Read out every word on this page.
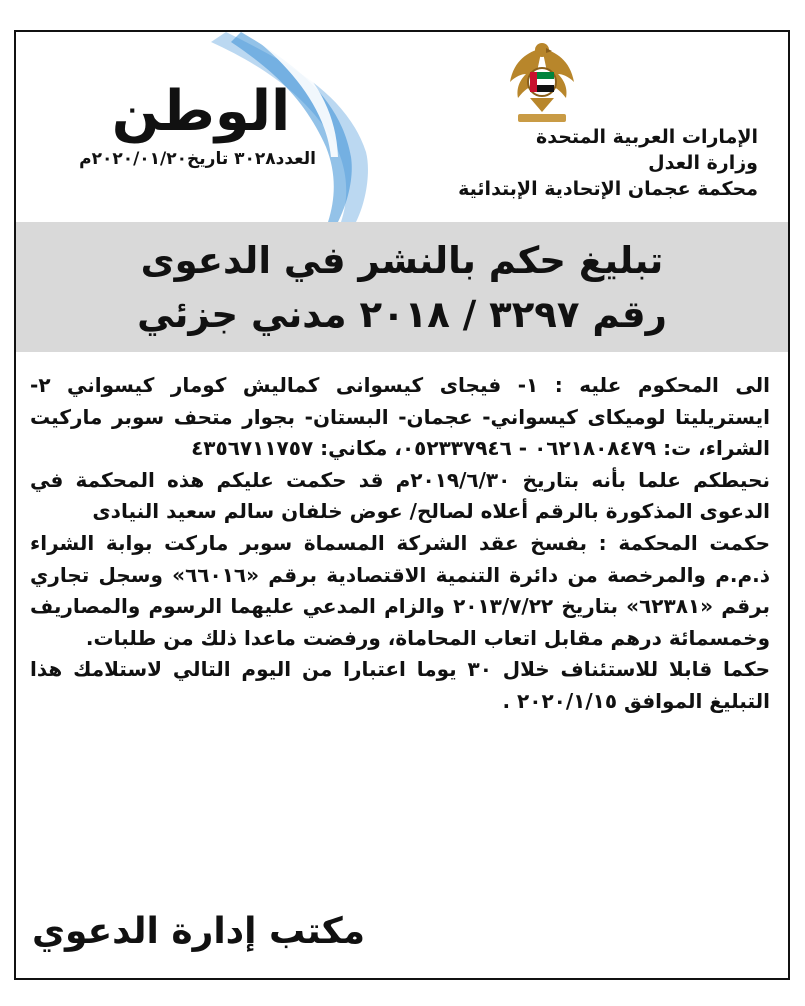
الإمارات العربية المتحدة
وزارة العدل
محكمة عجمان الإتحادية الإبتدائية
الوطن
العدد٣٠٢٨ تاريخ٢٠٢٠/٠١/٢٠م
تبليغ حكم بالنشر في الدعوى
رقم ٣٢٩٧ / ٢٠١٨ مدني جزئي

الى المحكوم عليه : ١- فيجاى كيسوانى كماليش كومار كيسواني ٢- ايستريليتا لوميكاى كيسواني- عجمان- البستان- بجوار متحف سوبر ماركيت الشراء، ت: ٠٦٢١٨٠٨٤٧٩ - ٠٥٢٣٣٧٩٤٦، مكاني: ٤٣٥٦٧١١٧٥٧

نحيطكم علما بأنه بتاريخ ٢٠١٩/٦/٣٠م قد حكمت عليكم هذه المحكمة في الدعوى المذكورة بالرقم أعلاه لصالح/ عوض خلفان سالم سعيد النيادى

حكمت المحكمة : بفسخ عقد الشركة المسماة سوبر ماركت بوابة الشراء ذ.م.م والمرخصة من دائرة التنمية الاقتصادية برقم «٦٦٠١٦» وسجل تجاري برقم «٦٢٣٨١» بتاريخ ٢٠١٣/٧/٢٢ والزام المدعي عليهما الرسوم والمصاريف وخمسمائة درهم مقابل اتعاب المحاماة، ورفضت ماعدا ذلك من طلبات.

حكما قابلا للاستئناف خلال ٣٠ يوما اعتبارا من اليوم التالي لاستلامك هذا التبليغ الموافق ٢٠٢٠/١/١٥ .

مكتب إدارة الدعوي
